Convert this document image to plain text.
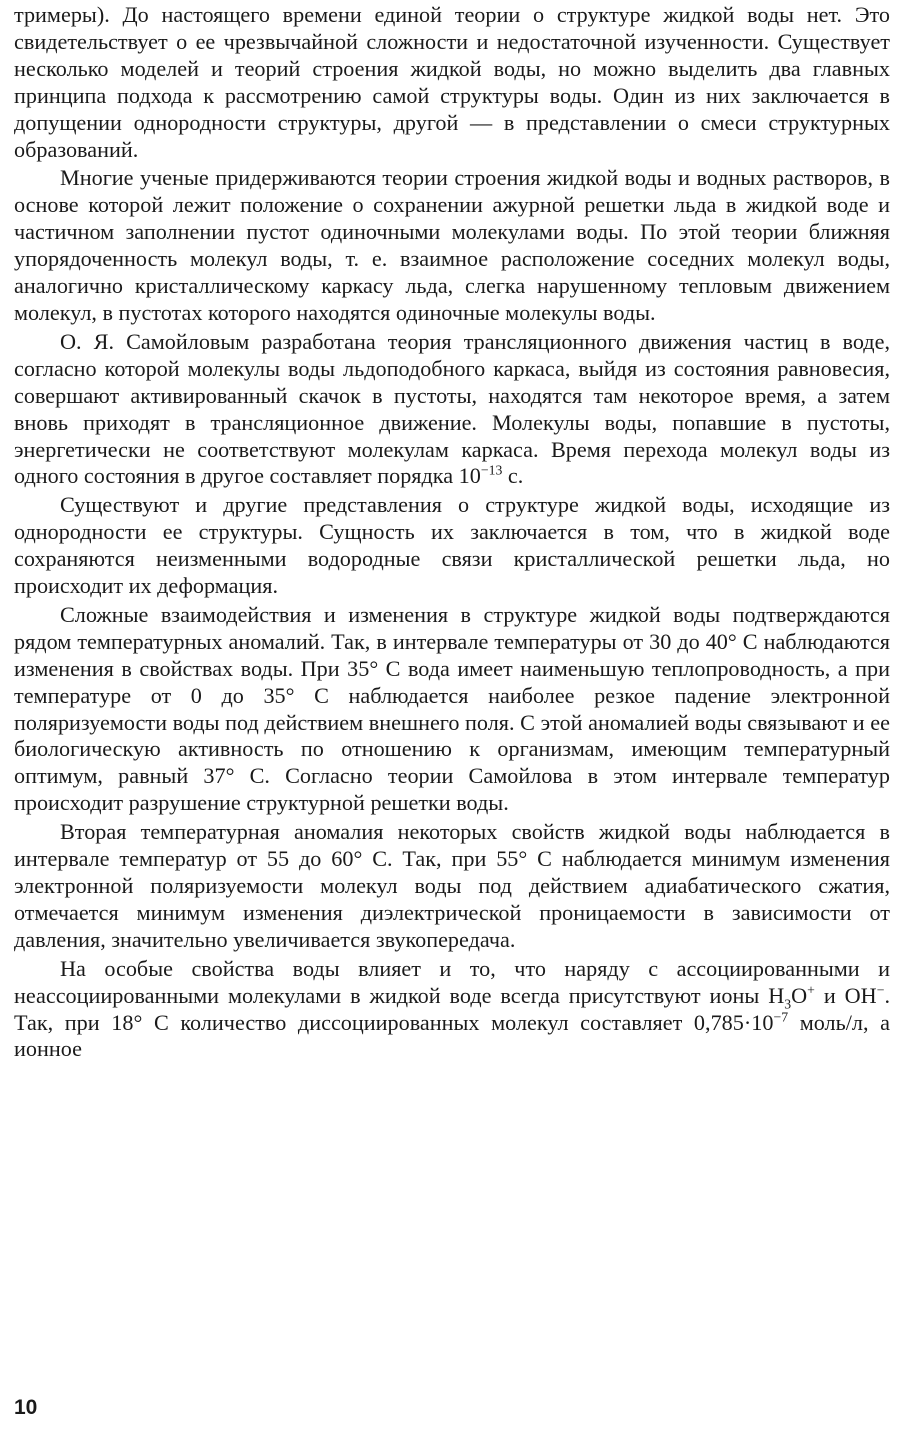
тримеры). До настоящего времени единой теории о структуре жидкой воды нет. Это свидетельствует о ее чрезвычайной сложности и недостаточной изученности. Существует несколько моделей и теорий строения жидкой воды, но можно выделить два главных принципа подхода к рассмотрению самой структуры воды. Один из них заключается в допущении однородности структуры, другой — в представлении о смеси структурных образований.

Многие ученые придерживаются теории строения жидкой воды и водных растворов, в основе которой лежит положение о сохранении ажурной решетки льда в жидкой воде и частичном заполнении пустот одиночными молекулами воды. По этой теории ближняя упорядоченность молекул воды, т. е. взаимное расположение соседних молекул воды, аналогично кристаллическому каркасу льда, слегка нарушенному тепловым движением молекул, в пустотах которого находятся одиночные молекулы воды.

О. Я. Самойловым разработана теория трансляционного движения частиц в воде, согласно которой молекулы воды льдоподобного каркаса, выйдя из состояния равновесия, совершают активированный скачок в пустоты, находятся там некоторое время, а затем вновь приходят в трансляционное движение. Молекулы воды, попавшие в пустоты, энергетически не соответствуют молекулам каркаса. Время перехода молекул воды из одного состояния в другое составляет порядка $10^{-13}$ с.

Существуют и другие представления о структуре жидкой воды, исходящие из однородности ее структуры. Сущность их заключается в том, что в жидкой воде сохраняются неизменными водородные связи кристаллической решетки льда, но происходит их деформация.

Сложные взаимодействия и изменения в структуре жидкой воды подтверждаются рядом температурных аномалий. Так, в интервале температуры от 30 до 40° С наблюдаются изменения в свойствах воды. При 35° С вода имеет наименьшую теплопроводность, а при температуре от 0 до 35° С наблюдается наиболее резкое падение электронной поляризуемости воды под действием внешнего поля. С этой аномалией воды связывают и ее биологическую активность по отношению к организмам, имеющим температурный оптимум, равный 37° С. Согласно теории Самойлова в этом интервале температур происходит разрушение структурной решетки воды.

Вторая температурная аномалия некоторых свойств жидкой воды наблюдается в интервале температур от 55 до 60° С. Так, при 55° С наблюдается минимум изменения электронной поляризуемости молекул воды под действием адиабатического сжатия, отмечается минимум изменения диэлектрической проницаемости в зависимости от давления, значительно увеличивается звукопередача.

На особые свойства воды влияет и то, что наряду с ассоциированными и неассоциированными молекулами в жидкой воде всегда присутствуют ионы $H_3O^+$ и OH−. Так, при 18° С количество диссоциированных молекул составляет $0,785\cdot 10^{-7}$ моль/л, а ионное

10
